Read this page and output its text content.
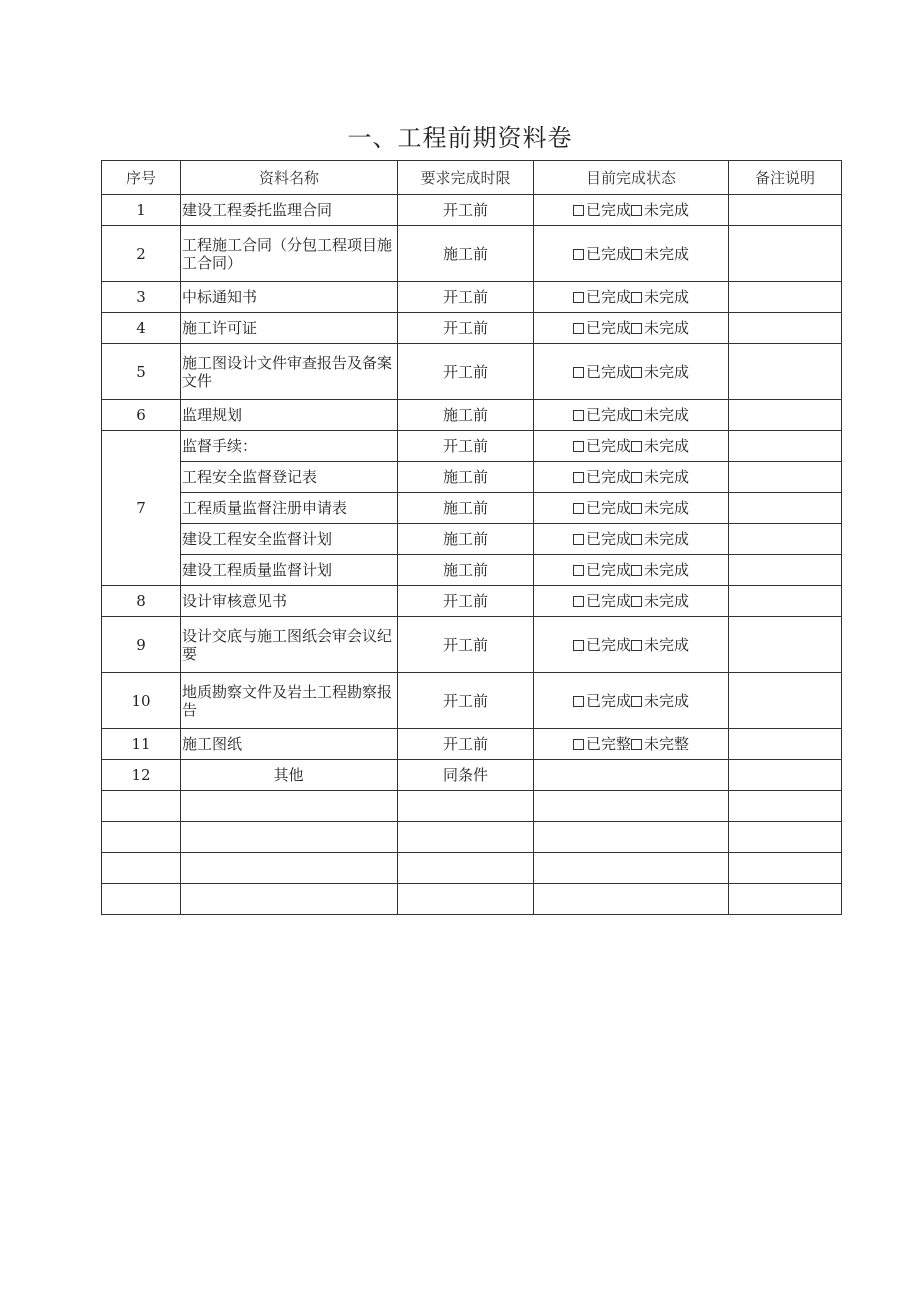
一、工程前期资料卷
序号	资料名称	要求完成时限	目前完成状态	备注说明
1	建设工程委托监理合同	开工前	已完成 未完成	
2	工程施工合同（分包工程项目施工合同）	施工前	已完成 未完成	
3	中标通知书	开工前	已完成 未完成	
4	施工许可证	开工前	已完成 未完成	
5	施工图设计文件审查报告及备案文件	开工前	已完成 未完成	
6	监理规划	施工前	已完成 未完成	
7	监督手续：	开工前	已完成 未完成	
	工程安全监督登记表	施工前	已完成 未完成	
	工程质量监督注册申请表	施工前	已完成 未完成	
	建设工程安全监督计划	施工前	已完成 未完成	
	建设工程质量监督计划	施工前	已完成 未完成	
8	设计审核意见书	开工前	已完成 未完成	
9	设计交底与施工图纸会审会议纪要	开工前	已完成 未完成	
10	地质勘察文件及岩土工程勘察报告	开工前	已完成 未完成	
11	施工图纸	开工前	已完整 未完整	
12	其他	同条件		
